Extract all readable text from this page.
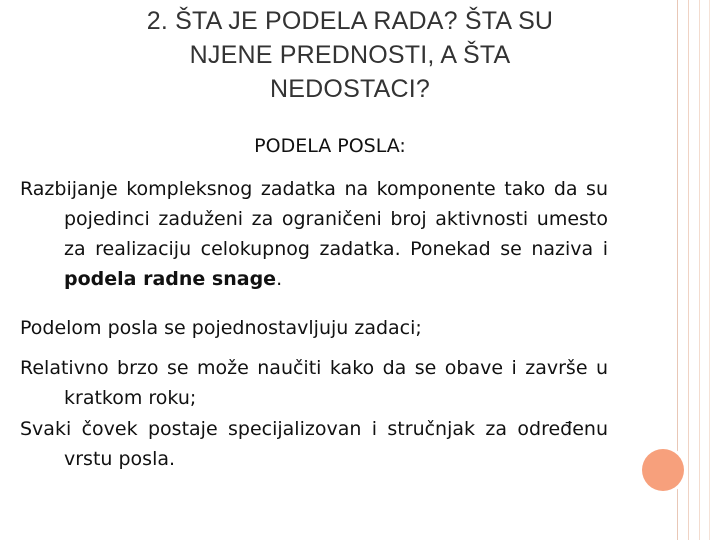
2. ŠTA JE PODELA RADA? ŠTA SU
NJENE PREDNOSTI, A ŠTA
NEDOSTACI?
PODELA POSLA:
Razbijanje kompleksnog zadatka na komponente tako da su pojedinci zaduženi za ograničeni broj aktivnosti umesto za realizaciju celokupnog zadatka. Ponekad se naziva i podela radne snage.
Podelom posla se pojednostavljuju zadaci;
Relativno brzo se može naučiti kako da se obave i završe u kratkom roku;
Svaki čovek postaje specijalizovan i stručnjak za određenu vrstu posla.
